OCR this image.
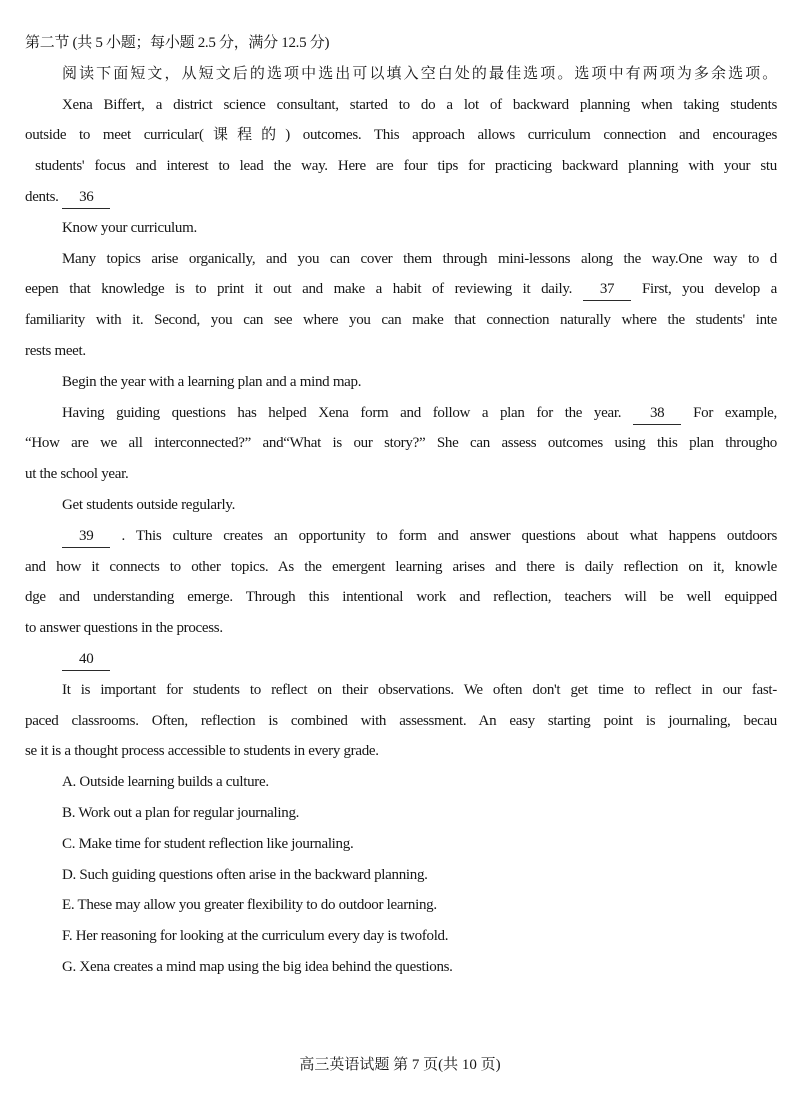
第二节 (共 5 小题；每小题 2.5 分，满分 12.5 分)
阅读下面短文，从短文后的选项中选出可以填入空白处的最佳选项。选项中有两项为多余选项。
Xena Biffert, a district science consultant, started to do a lot of backward planning when taking students
outside to meet curricular(课程的) outcomes. This approach allows curriculum connection and encourages
students' focus and interest to lead the way. Here are four tips for practicing backward planning with your stu
dents. 36
Know your curriculum.
Many topics arise organically, and you can cover them through mini-lessons along the way.One way to d
eepen that knowledge is to print it out and make a habit of reviewing it daily. 37 First, you develop a
familiarity with it. Second, you can see where you can make that connection naturally where the students' inte
rests meet.
Begin the year with a learning plan and a mind map.
Having guiding questions has helped Xena form and follow a plan for the year. 38 For example,
“How are we all interconnected?” and“What is our story?” She can assess outcomes using this plan througho
ut the school year.
Get students outside regularly.
39 . This culture creates an opportunity to form and answer questions about what happens outdoors
and how it connects to other topics. As the emergent learning arises and there is daily reflection on it, knowle
dge and understanding emerge. Through this intentional work and reflection, teachers will be well equipped
to answer questions in the process.
40
It is important for students to reflect on their observations. We often don't get time to reflect in our fast-
paced classrooms. Often, reflection is combined with assessment. An easy starting point is journaling, becau
se it is a thought process accessible to students in every grade.
A. Outside learning builds a culture.
B. Work out a plan for regular journaling.
C. Make time for student reflection like journaling.
D. Such guiding questions often arise in the backward planning.
E. These may allow you greater flexibility to do outdoor learning.
F. Her reasoning for looking at the curriculum every day is twofold.
G. Xena creates a mind map using the big idea behind the questions.
高三英语试题 第 7 页(共 10 页)
